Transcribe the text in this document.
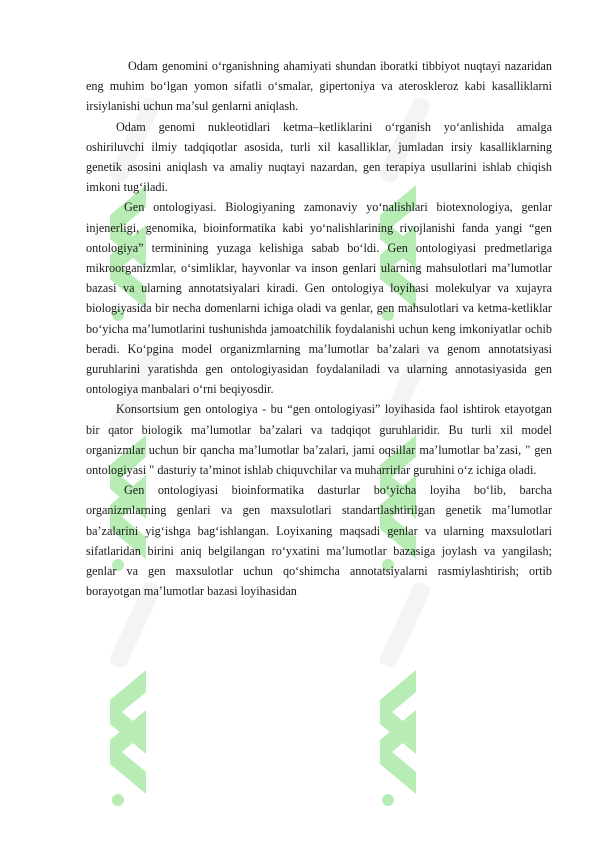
Odam genomini o‘rganishning ahamiyati shundan iboratki tibbiyot nuqtayi nazaridan eng muhim bo‘lgan yomon sifatli o‘smalar, gipertoniya va ateroskleroz kabi kasalliklarni irsiylanishi uchun ma’sul genlarni aniqlash.

Odam genomi nukleotidlari ketma–ketliklarini o‘rganish yo‘anlishida amalga oshiriluvchi ilmiy tadqiqotlar asosida, turli xil kasalliklar, jumladan irsiy kasalliklarning genetik asosini aniqlash va amaliy nuqtayi nazardan, gen terapiya usullarini ishlab chiqish imkoni tug‘iladi.

Gen ontologiyasi. Biologiyaning zamonaviy yo‘nalishlari biotexnologiya, genlar injenerligi, genomika, bioinformatika kabi yo‘nalishlarining rivojlanishi fanda yangi “gen ontologiya” terminining yuzaga kelishiga sabab bo‘ldi. Gen ontologiyasi predmetlariga mikroorganizmlar, o‘simliklar, hayvonlar va inson genlari ularning mahsulotlari ma’lumotlar bazasi va ularning annotatsiyalari kiradi. Gen ontologiya loyihasi molekulyar va xujayra biologiyasida bir necha domenlarni ichiga oladi va genlar, gen mahsulotlari va ketma-ketliklar bo‘yicha ma’lumotlarini tushunishda jamoatchilik foydalanishi uchun keng imkoniyatlar ochib beradi. Ko‘pgina model organizmlarning ma’lumotlar ba’zalari va genom annotatsiyasi guruhlarini yaratishda gen ontologiyasidan foydalaniladi va ularning annotasiyasida gen ontologiya manbalari o‘rni beqiyosdir.

Konsortsium gen ontologiya - bu “gen ontologiyasi” loyihasida faol ishtirok etayotgan bir qator biologik ma’lumotlar ba’zalari va tadqiqot guruhlaridir. Bu turli xil model organizmlar uchun bir qancha ma’lumotlar ba’zalari, jami oqsillar ma’lumotlar ba’zasi, " gen ontologiyasi " dasturiy ta’minot ishlab chiquvchilar va muharrirlar guruhini o‘z ichiga oladi.

Gen ontologiyasi bioinformatika dasturlar bo‘yicha loyiha bo‘lib, barcha organizmlarning genlari va gen maxsulotlari standartlashtirilgan genetik ma’lumotlar ba’zalarini yig‘ishga bag‘ishlangan. Loyixaning maqsadi genlar va ularning maxsulotlari sifatlaridan birini aniq belgilangan ro‘yxatini ma’lumotlar bazasiga joylash va yangilash; genlar va gen maxsulotlar uchun qo‘shimcha annotatsiyalarni rasmiylashtirish; ortib borayotgan ma’lumotlar bazasi loyihasidan
